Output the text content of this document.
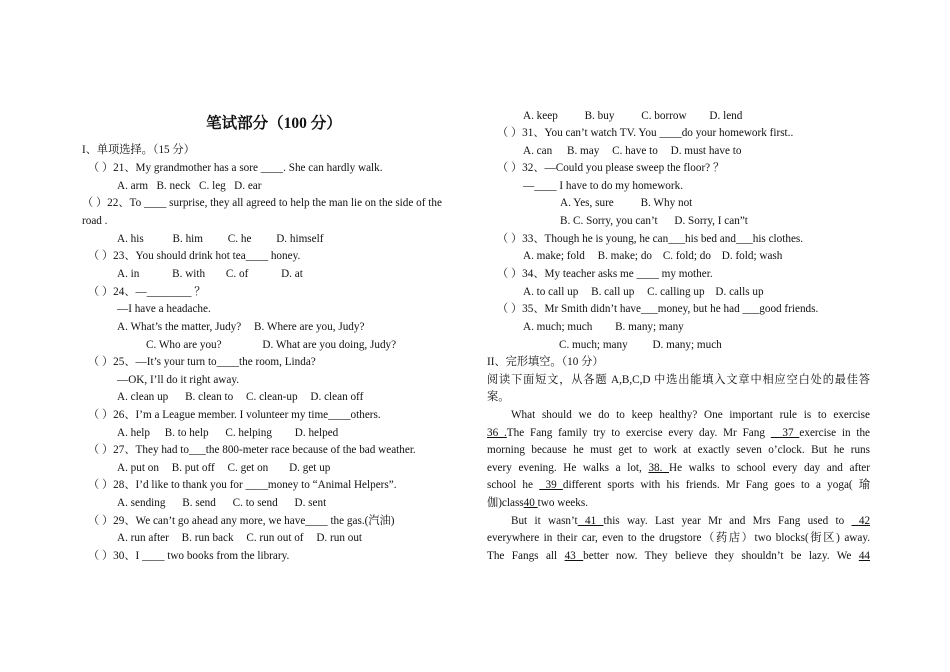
笔试部分（100 分）
I、单项选择。（15 分）
（ ）21、My grandmother has a sore ____. She can hardly walk.
A. arm B. neck C. leg D. ear
（ ）22、To ____ surprise, they all agreed to help the man lie on the side of the
road .
A. his	B. him C. he D. himself
（ ）23、You should drink hot tea____ honey.
A. in	B. with C. of	D. at
（ ）24、—________ ？
—I have a headache.
A. What’s the matter, Judy? B. Where are you, Judy?
C. Who are you?	D. What are you doing, Judy?
（ ）25、—It’s your turn to____the room, Linda?
—OK, I’ll do it right away.
A. clean up B. clean to C. clean-up D. clean off
（ ）26、I’m a League member. I volunteer my time____others.
A. help B. to help C. helping D. helped
（ ）27、They had to___the 800-meter race because of the bad weather.
A. put on B. put off C. get on D. get up
（ ）28、I’d like to thank you for ____money to “Animal Helpers”.
A. sending B. send C. to send D. sent
（ ）29、We can’t go ahead any more, we have____ the gas.(汽油)
A. run after B. run back C. run out of D. run out
（ ）30、I ____ two books from the library.
A. keep B. buy C. borrow D. lend
（ ）31、You can’t watch TV. You ____do your homework first..
A. can B. may C. have to D. must have to
（ ）32、—Could you please sweep the floor? ？
—____ I have to do my homework.
A. Yes, sure B. Why not
B. C. Sorry, you can’t D. Sorry, I can”t
（ ）33、Though he is young, he can___his bed and___his clothes.
A. make; fold B. make; do C. fold; do D. fold; wash
（ ）34、My teacher asks me ____ my mother.
A. to call up B. call up C. calling up D. calls up
（ ）35、Mr Smith didn’t have___money, but he had ___good friends.
A. much; much B. many; many
C. much; many D. many; much
II、完形填空。（10 分）
阅读下面短文，从各题 A,B,C,D 中选出能填入文章中相应空白处的最佳答
案。
What should we do to keep healthy? One important rule is to exercise
36 .The Fang family try to exercise every day. Mr Fang 37 exercise in the
morning because he must get to work at exactly seven o’clock. But he runs
every evening. He walks a lot, 38. He walks to school every day and after
school he 39 different sports with his friends. Mr Fang goes to a yoga( 瑜
伽)class40 two weeks.
But it wasn’t 41 this way. Last year Mr and Mrs Fang used to 42
everywhere in their car, even to the drugstore（药店）two blocks(街区) away.
The Fangs all 43 better now. They believe they shouldn’t be lazy. We 44
